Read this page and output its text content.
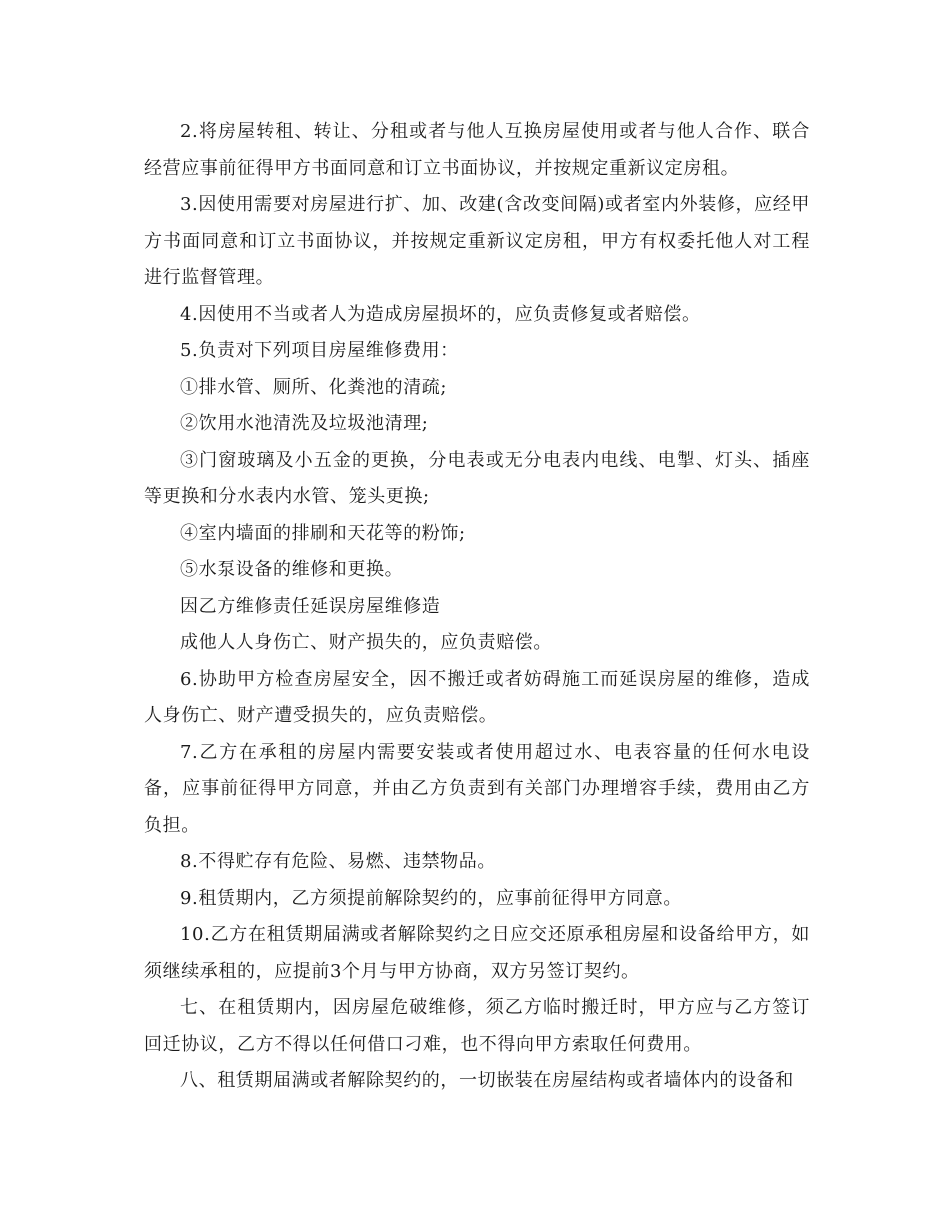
2.将房屋转租、转让、分租或者与他人互换房屋使用或者与他人合作、联合经营应事前征得甲方书面同意和订立书面协议，并按规定重新议定房租。

3.因使用需要对房屋进行扩、加、改建(含改变间隔)或者室内外装修，应经甲方书面同意和订立书面协议，并按规定重新议定房租，甲方有权委托他人对工程进行监督管理。

4.因使用不当或者人为造成房屋损坏的，应负责修复或者赔偿。

5.负责对下列项目房屋维修费用：

①排水管、厕所、化粪池的清疏;

②饮用水池清洗及垃圾池清理;

③门窗玻璃及小五金的更换，分电表或无分电表内电线、电掣、灯头、插座等更换和分水表内水管、笼头更换;

④室内墙面的排刷和天花等的粉饰;

⑤水泵设备的维修和更换。

因乙方维修责任延误房屋维修造

成他人人身伤亡、财产损失的，应负责赔偿。

6.协助甲方检查房屋安全，因不搬迁或者妨碍施工而延误房屋的维修，造成人身伤亡、财产遭受损失的，应负责赔偿。

7.乙方在承租的房屋内需要安装或者使用超过水、电表容量的任何水电设备，应事前征得甲方同意，并由乙方负责到有关部门办理增容手续，费用由乙方负担。

8.不得贮存有危险、易燃、违禁物品。

9.租赁期内，乙方须提前解除契约的，应事前征得甲方同意。

10.乙方在租赁期届满或者解除契约之日应交还原承租房屋和设备给甲方，如须继续承租的，应提前3个月与甲方协商，双方另签订契约。

七、在租赁期内，因房屋危破维修，须乙方临时搬迁时，甲方应与乙方签订回迁协议，乙方不得以任何借口刁难，也不得向甲方索取任何费用。

八、租赁期届满或者解除契约的，一切嵌装在房屋结构或者墙体内的设备和
